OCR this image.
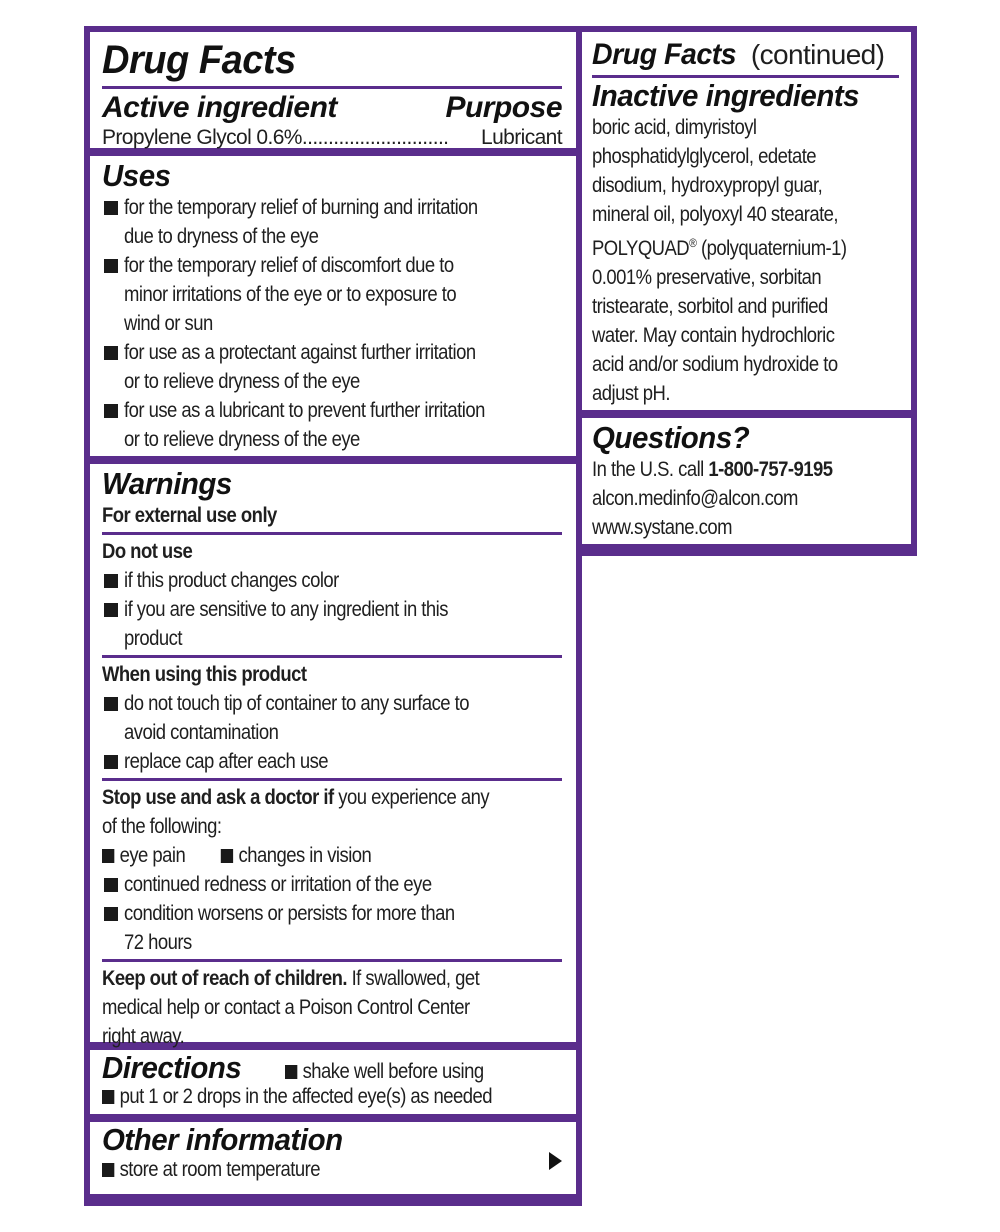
Drug Facts
Active ingredient	Purpose
Propylene Glycol 0.6% ............................	Lubricant
Uses
for the temporary relief of burning and irritation
due to dryness of the eye
for the temporary relief of discomfort due to
minor irritations of the eye or to exposure to
wind or sun
for use as a protectant against further irritation
or to relieve dryness of the eye
for use as a lubricant to prevent further irritation
or to relieve dryness of the eye
Warnings
For external use only
Do not use
if this product changes color
if you are sensitive to any ingredient in this
product
When using this product
do not touch tip of container to any surface to
avoid contamination
replace cap after each use
Stop use and ask a doctor if you experience any
of the following:
eye pain	changes in vision
continued redness or irritation of the eye
condition worsens or persists for more than
72 hours
Keep out of reach of children. If swallowed, get
medical help or contact a Poison Control Center
right away.
Directions	shake well before using
put 1 or 2 drops in the affected eye(s) as needed
Other information
store at room temperature
Drug Facts (continued)
Inactive ingredients
boric acid, dimyristoyl
phosphatidylglycerol, edetate
disodium, hydroxypropyl guar,
mineral oil, polyoxyl 40 stearate,
POLYQUAD® (polyquaternium-1)
0.001% preservative, sorbitan
tristearate, sorbitol and purified
water. May contain hydrochloric
acid and/or sodium hydroxide to
adjust pH.
Questions?
In the U.S. call 1-800-757-9195
alcon.medinfo@alcon.com
www.systane.com
